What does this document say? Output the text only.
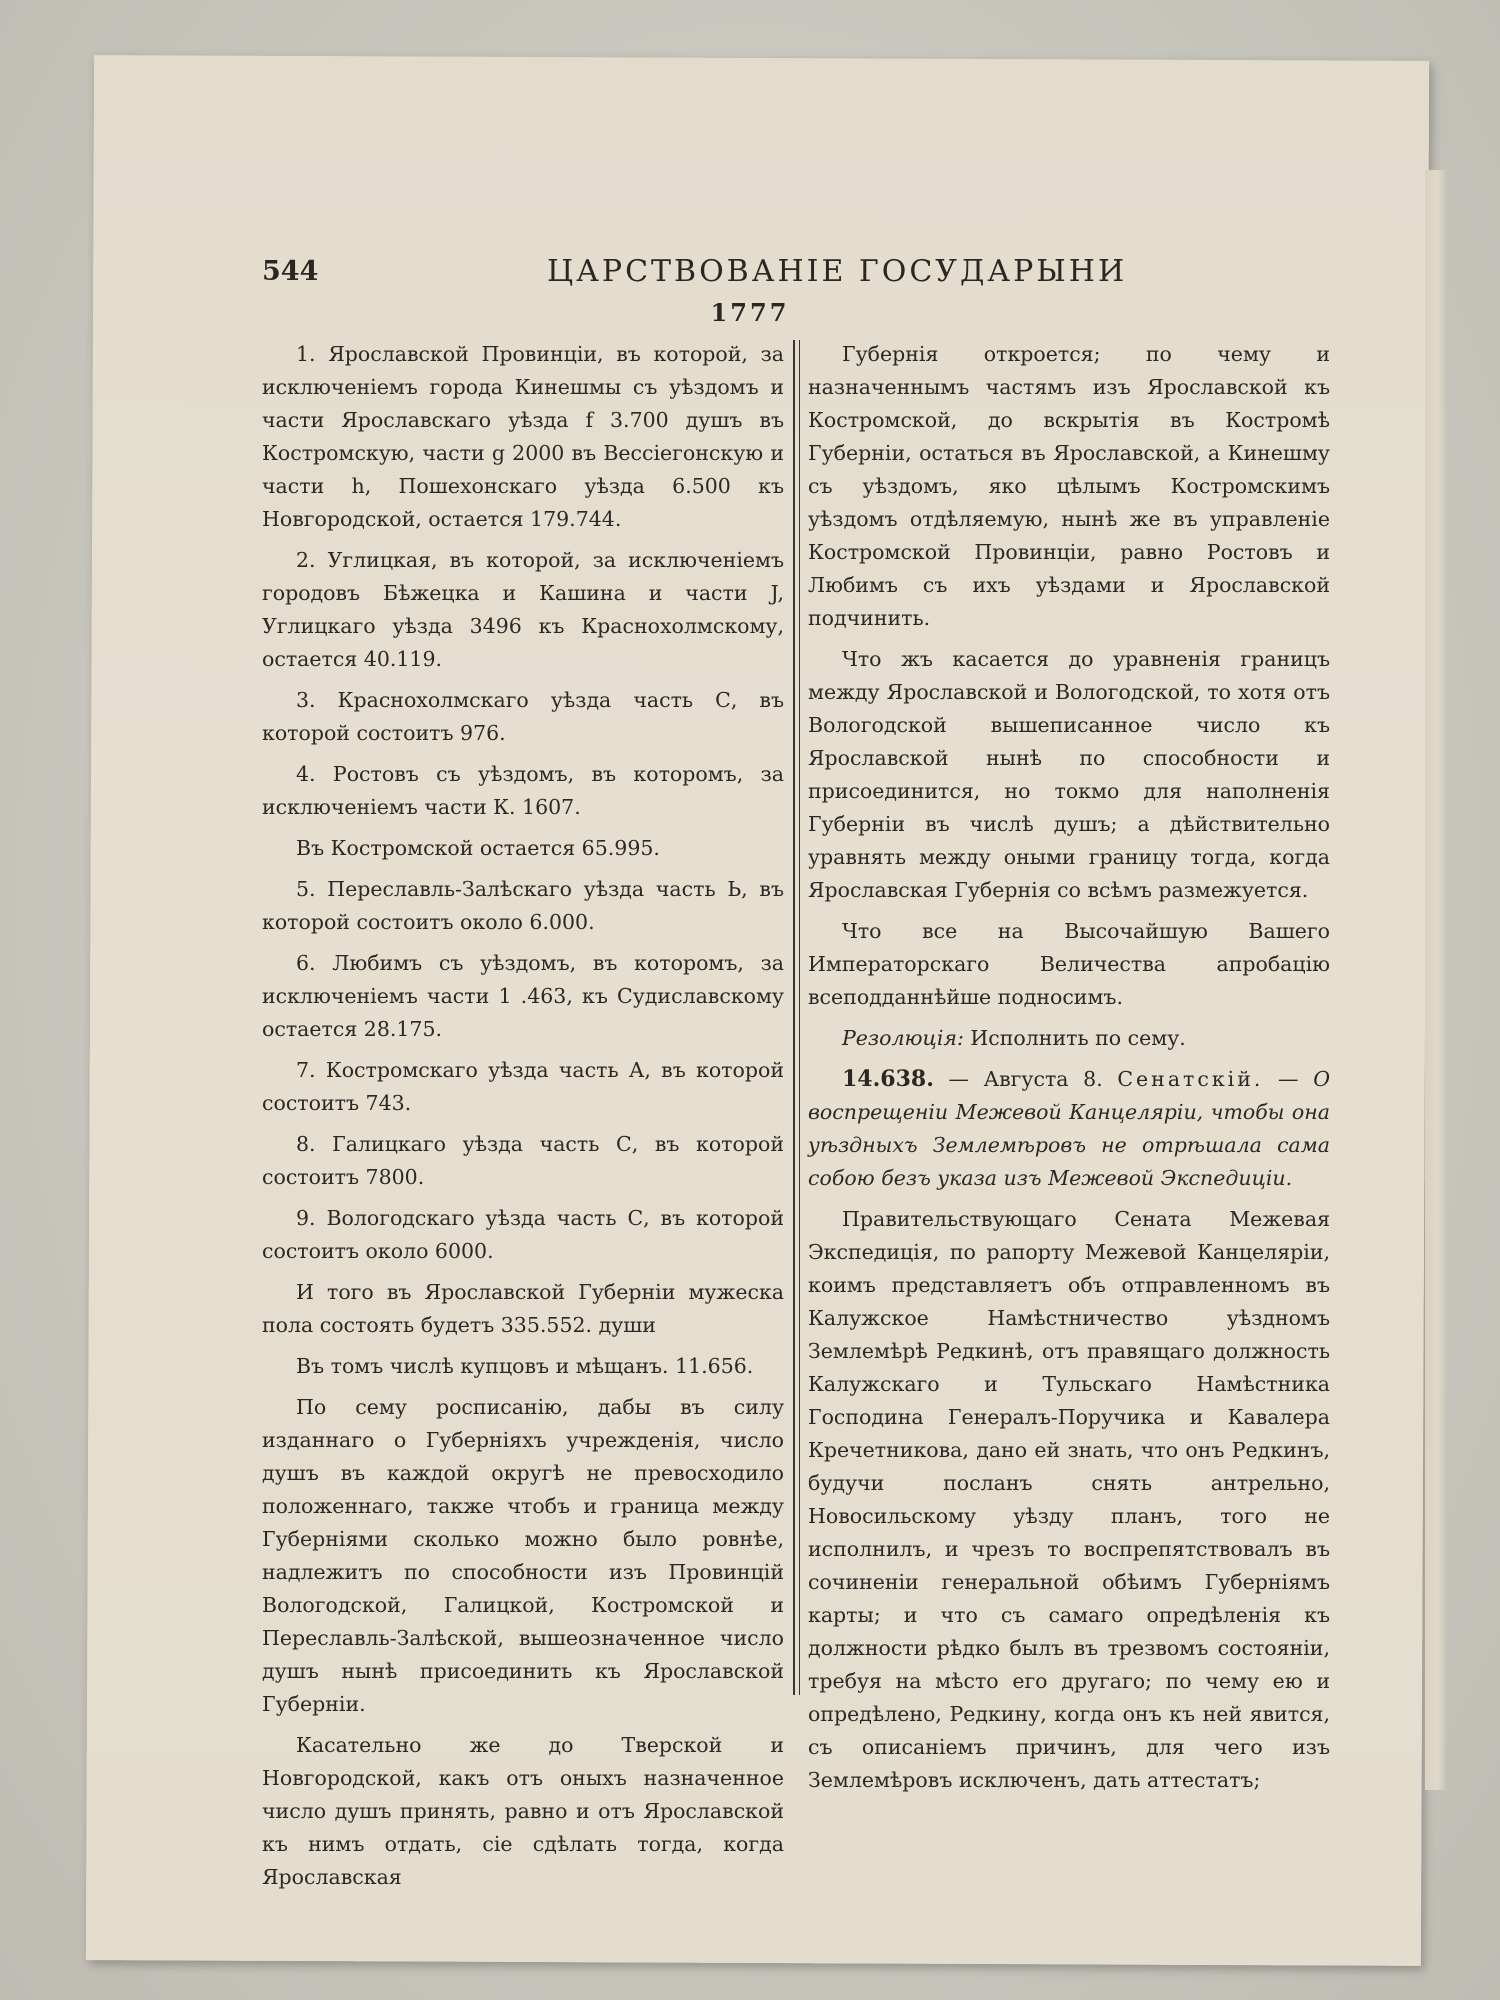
544	ЦАРСТВОВАНІЕ ГОСУДАРЫНИ
1777

1. Ярославской Провинціи, въ которой, за исключеніемъ города Кинешмы съ уѣздомъ и части Ярославскаго уѣзда f 3.700 душъ въ Костромскую, части g 2000 въ Вессіегонскую и части h, Пошехонскаго уѣзда 6.500 къ Новгородской, остается 179.744.

2. Углицкая, въ которой, за исключеніемъ городовъ Бѣжецка и Кашина и части J, Углицкаго уѣзда 3496 къ Краснохолмскому, остается 40.119.

3. Краснохолмскаго уѣзда часть С, въ которой состоитъ 976.

4. Ростовъ съ уѣздомъ, въ которомъ, за исключеніемъ части К. 1607.

Въ Костромской остается 65.995.

5. Переславль-Залѣскаго уѣзда часть Ь, въ которой состоитъ около 6.000.

6. Любимъ съ уѣздомъ, въ которомъ, за исключеніемъ части 1 .463, къ Судиславскому остается 28.175.

7. Костромскаго уѣзда часть А, въ которой состоитъ 743.

8. Галицкаго уѣзда часть С, въ которой состоитъ 7800.

9. Вологодскаго уѣзда часть С, въ которой состоитъ около 6000.

И того въ Ярославской Губерніи мужеска пола состоять будетъ 335.552. души

Въ томъ числѣ купцовъ и мѣщанъ. 11.656.

По сему росписанію, дабы въ силу изданнаго о Губерніяхъ учрежденія, число душъ въ каждой округѣ не превосходило положеннаго, также чтобъ и граница между Губерніями сколько можно было ровнѣе, надлежитъ по способности изъ Провинцій Вологодской, Галицкой, Костромской и Переславль-Залѣской, вышеозначенное число душъ нынѣ присоединить къ Ярославской Губерніи.

Касательно же до Тверской и Новгородской, какъ отъ оныхъ назначенное число душъ принять, равно и отъ Ярославской къ нимъ отдать, сіе сдѣлать тогда, когда Ярославская

Губернія откроется; по чему и назначеннымъ частямъ изъ Ярославской къ Костромской, до вскрытія въ Костромѣ Губерніи, остаться въ Ярославской, а Кинешму съ уѣздомъ, яко цѣлымъ Костромскимъ уѣздомъ отдѣляемую, нынѣ же въ управленіе Костромской Провинціи, равно Ростовъ и Любимъ съ ихъ уѣздами и Ярославской подчинить.

Что жъ касается до уравненія границъ между Ярославской и Вологодской, то хотя отъ Вологодской вышеписанное число къ Ярославской нынѣ по способности и присоединится, но токмо для наполненія Губерніи въ числѣ душъ; а дѣйствительно уравнять между оными границу тогда, когда Ярославская Губернія со всѣмъ размежуется.

Что все на Высочайшую Вашего Императорскаго Величества апробацію всеподданнѣйше подносимъ.

Резолюція: Исполнить по сему.

14.638. — Августа 8. Сенатскій. — О воспрещеніи Межевой Канцеляріи, чтобы она уѣздныхъ Землемѣровъ не отрѣшала сама собою безъ указа изъ Межевой Экспедиціи.

Правительствующаго Сената Межевая Экспедиція, по рапорту Межевой Канцеляріи, коимъ представляетъ объ отправленномъ въ Калужское Намѣстничество уѣздномъ Землемѣрѣ Редкинѣ, отъ правящаго должность Калужскаго и Тульскаго Намѣстника Господина Генералъ-Поручика и Кавалера Кречетникова, дано ей знать, что онъ Редкинъ, будучи посланъ снять антрельно, Новосильскому уѣзду планъ, того не исполнилъ, и чрезъ то воспрепятствовалъ въ сочиненіи генеральной обѣимъ Губерніямъ карты; и что съ самаго опредѣленія къ должности рѣдко былъ въ трезвомъ состояніи, требуя на мѣсто его другаго; по чему ею и опредѣлено, Редкину, когда онъ къ ней явится, съ описаніемъ причинъ, для чего изъ Землемѣровъ исключенъ, дать аттестатъ;
